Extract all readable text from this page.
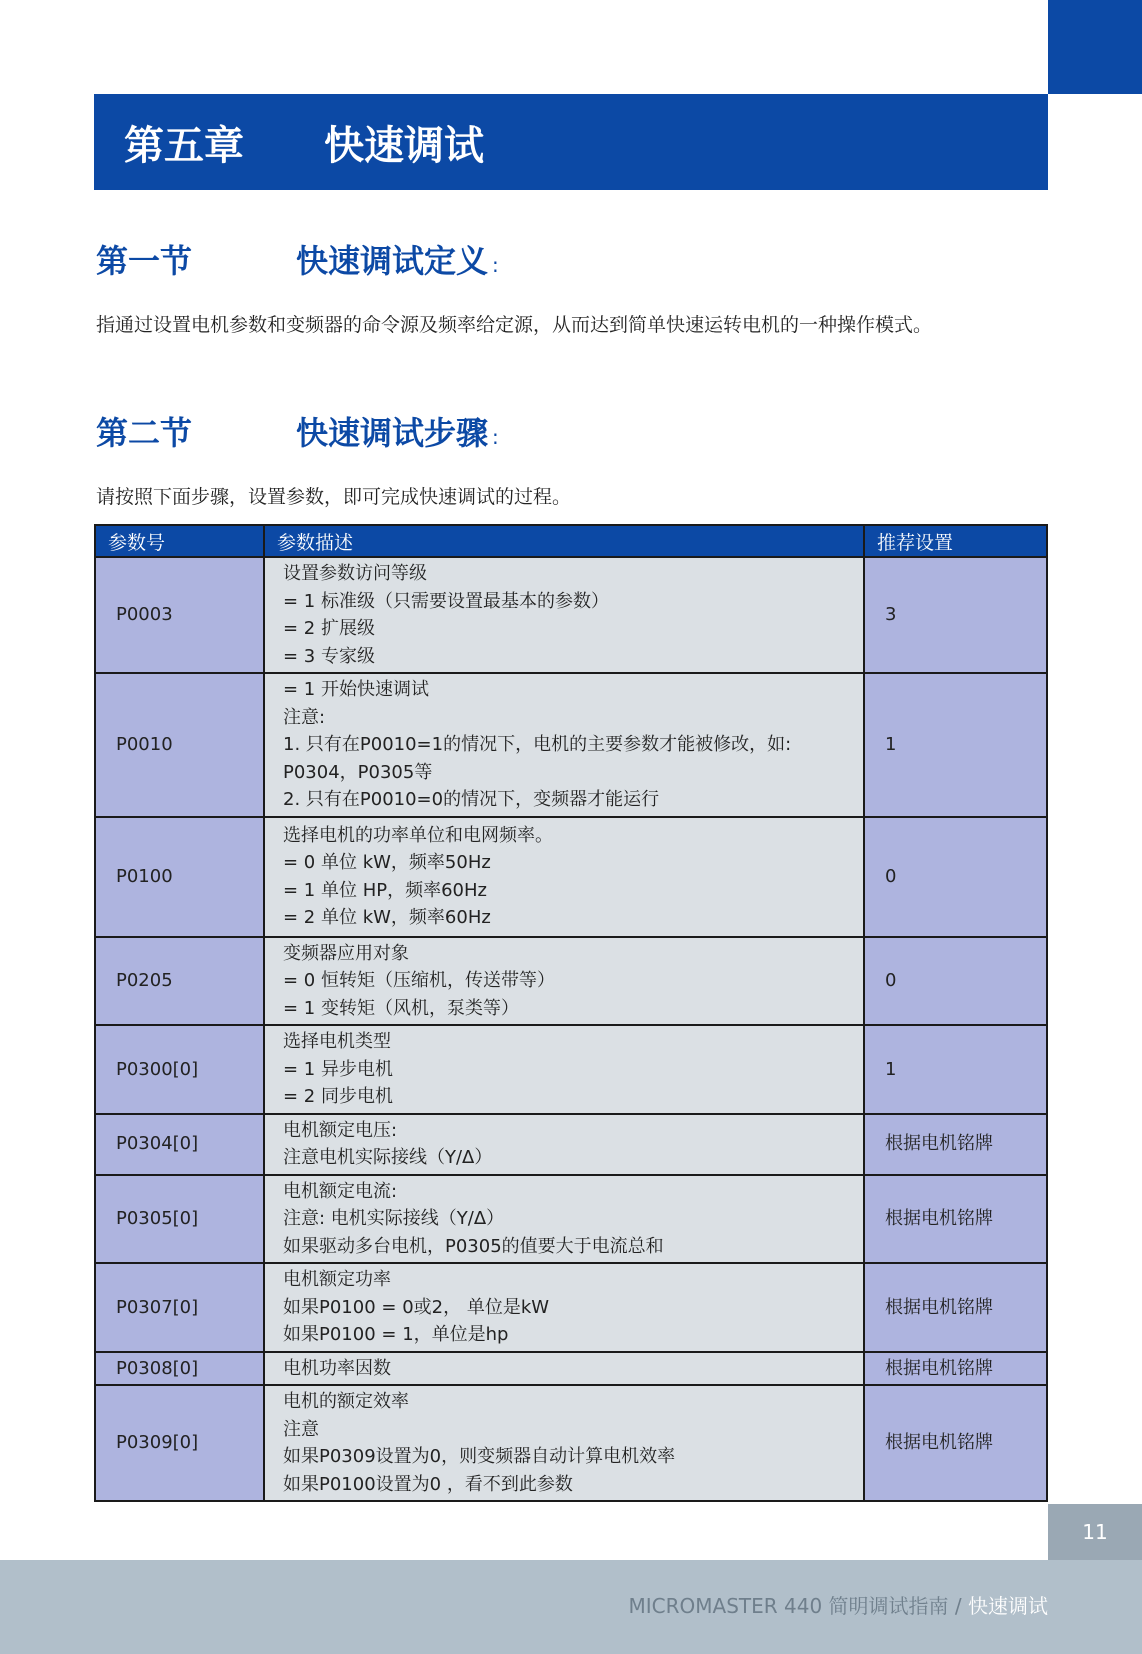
第五章	快速调试
第一节	快速调试定义 :
指通过设置电机参数和变频器的命令源及频率给定源，从而达到简单快速运转电机的一种操作模式。
第二节	快速调试步骤 :
请按照下面步骤，设置参数，即可完成快速调试的过程。
参数号	参数描述	推荐设置
P0003	设置参数访问等级
= 1 标准级（只需要设置最基本的参数）
= 2 扩展级
= 3 专家级	3
P0010	= 1 开始快速调试
注意:
1. 只有在P0010=1的情况下，电机的主要参数才能被修改，如:
P0304，P0305等
2. 只有在P0010=0的情况下，变频器才能运行	1
P0100	选择电机的功率单位和电网频率。
= 0 单位 kW，频率50Hz
= 1 单位 HP，频率60Hz
= 2 单位 kW，频率60Hz	0
P0205	变频器应用对象
= 0 恒转矩（压缩机，传送带等）
= 1 变转矩（风机，泵类等）	0
P0300[0]	选择电机类型
= 1 异步电机
= 2 同步电机	1
P0304[0]	电机额定电压:
注意电机实际接线（Y/Δ）	根据电机铭牌
P0305[0]	电机额定电流:
注意: 电机实际接线（Y/Δ）
如果驱动多台电机，P0305的值要大于电流总和	根据电机铭牌
P0307[0]	电机额定功率
如果P0100 = 0或2， 单位是kW
如果P0100 = 1，单位是hp	根据电机铭牌
P0308[0]	电机功率因数	根据电机铭牌
P0309[0]	电机的额定效率
注意
如果P0309设置为0，则变频器自动计算电机效率
如果P0100设置为0 ，看不到此参数	根据电机铭牌
11
MICROMASTER 440 简明调试指南 / 快速调试
